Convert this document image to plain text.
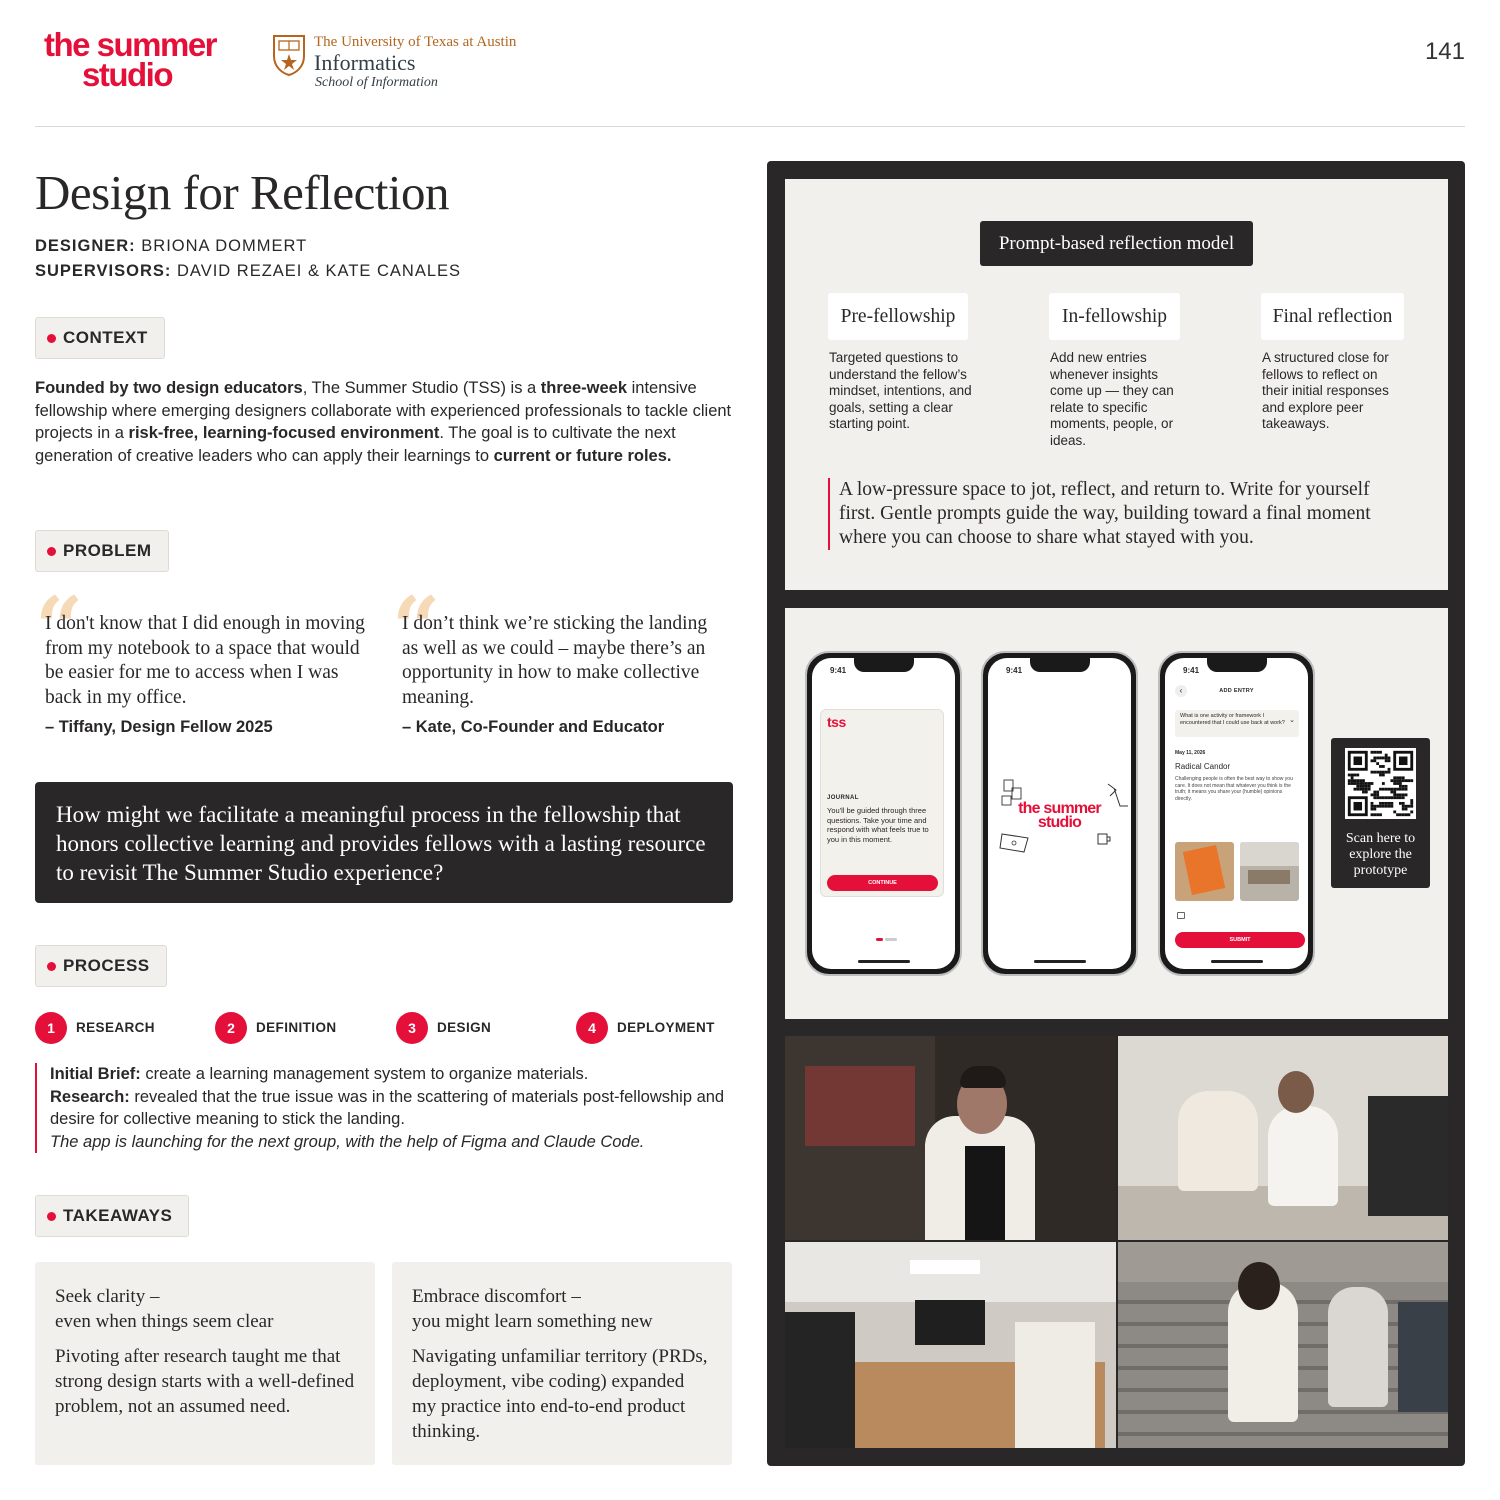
the summer
studio
The University of Texas at Austin
Informatics
School of Information
141
Design for Reflection
DESIGNER: BRIONA DOMMERT
SUPERVISORS: DAVID REZAEI & KATE CANALES
CONTEXT
Founded by two design educators, The Summer Studio (TSS) is a three-week intensive fellowship where emerging designers collaborate with experienced professionals to tackle client projects in a risk-free, learning-focused environment. The goal is to cultivate the next generation of creative leaders who can apply their learnings to current or future roles.
PROBLEM
“
I don't know that I did enough in moving from my notebook to a space that would be easier for me to access when I was back in my office.
– Tiffany, Design Fellow 2025
“
I don’t think we’re sticking the landing as well as we could – maybe there’s an opportunity in how to make collective meaning.
– Kate, Co-Founder and Educator
How might we facilitate a meaningful process in the fellowship that honors collective learning and provides fellows with a lasting resource to revisit The Summer Studio experience?
PROCESS
1	RESEARCH	2	DEFINITION	3	DESIGN	4	DEPLOYMENT
Initial Brief: create a learning management system to organize materials.
Research: revealed that the true issue was in the scattering of materials post-fellowship and desire for collective meaning to stick the landing.
The app is launching for the next group, with the help of Figma and Claude Code.
TAKEAWAYS
Seek clarity –
even when things seem clear
Pivoting after research taught me that strong design starts with a well-defined problem, not an assumed need.
Embrace discomfort –
you might learn something new
Navigating unfamiliar territory (PRDs, deployment, vibe coding) expanded my practice into end-to-end product thinking.
Prompt-based reflection model
Pre-fellowship	In-fellowship	Final reflection
Targeted questions to understand the fellow’s mindset, intentions, and goals, setting a clear starting point.
Add new entries whenever insights come up — they can relate to specific moments, people, or ideas.
A structured close for fellows to reflect on their initial responses and explore peer takeaways.
A low-pressure space to jot, reflect, and return to. Write for yourself first. Gentle prompts guide the way, building toward a final moment where you can choose to share what stayed with you.
9:41
tss
JOURNAL
You'll be guided through three questions. Take your time and respond with what feels true to you in this moment.
CONTINUE
9:41
the summer
studio
9:41
‹	ADD ENTRY
What is one activity or framework I encountered that I could use back at work? ⌄
May 11, 2026
Radical Candor
Challenging people is often the best way to show you care. It does not mean that whatever you think is the truth; it means you share your (humble) opinions directly.
SUBMIT
Scan here to explore the prototype
